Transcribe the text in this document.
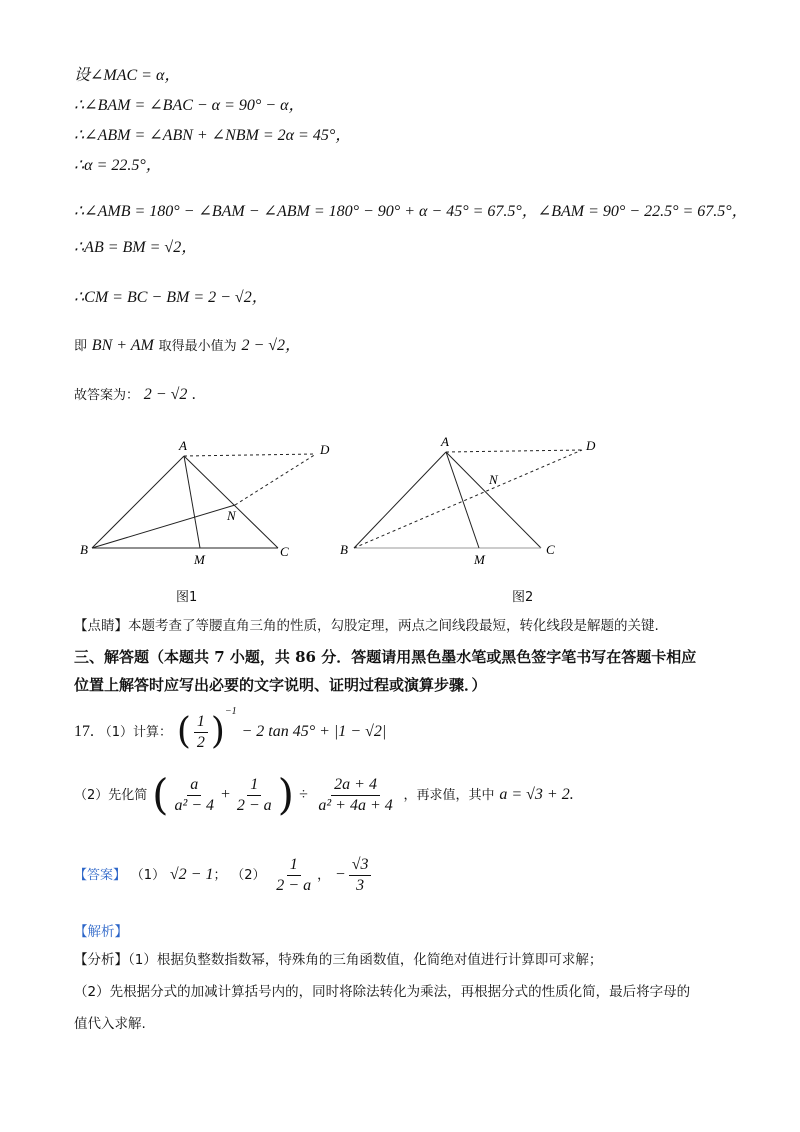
设∠MAC = α，
∴∠BAM = ∠BAC − α = 90° − α，
∴∠ABM = ∠ABN + ∠NBM = 2α = 45°，
∴α = 22.5°，
∴∠AMB = 180° − ∠BAM − ∠ABM = 180° − 90° + α − 45° = 67.5°，∠BAM = 90° − 22.5° = 67.5°，
∴AB = BM = √2，
∴CM = BC − BM = 2 − √2，
即 BN + AM 取得最小值为 2 − √2，
故答案为： 2 − √2 .
A
B	C
D
M
N
图1
A
B	C
D
M
N
图2
【点睛】本题考查了等腰直角三角的性质，勾股定理，两点之间线段最短，转化线段是解题的关键.
三、解答题（本题共 7 小题，共 86 分．答题请用黑色墨水笔或黑色签字笔书写在答题卡相应
位置上解答时应写出必要的文字说明、证明过程或演算步骤．）
17. （1）计算： ( $\frac{1}{2} )^{-1} - 2$ tan 45° + |1 − √2|
（2）先化简 ( $\frac{a}{\text{a² − 4}} + \frac{1}{2 - a}$ ) ÷ $\frac{2a + 4}{\text{a² + 4a + 4}}$ ，再求值，其中 a = √3 + 2.
【答案】 （1） √2 − 1； $(2) \frac{1}{2 - a}$ ， − $\frac{√3}{3}$
【解析】
【分析】（1）根据负整数指数幂，特殊角的三角函数值，化简绝对值进行计算即可求解；
（2）先根据分式的加减计算括号内的，同时将除法转化为乘法，再根据分式的性质化简，最后将字母的
值代入求解.
